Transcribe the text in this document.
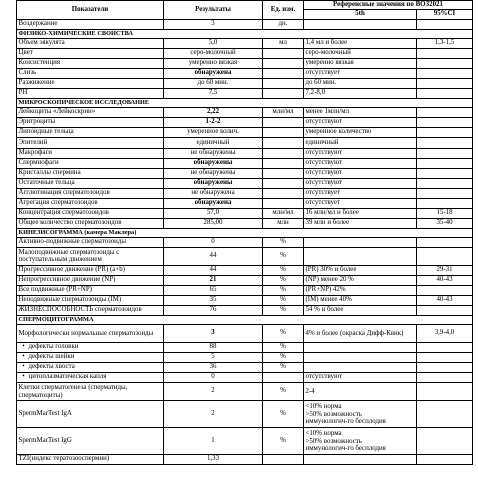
Показатели	Результаты	Ед. изм.	Референсные значения по ВОЗ2021	
			5th	95%CI
Воздержание	3	дн.		
ФИЗИКО-ХИМИЧЕСКИЕ СВОЙСТВА				
Объем эякулята	5,0	мл	1,4 мл и более	1,3-1,5
Цвет	серо-молочный		серо-молочный	
Консистенция	умеренно вязкая		умеренно вязкая	
Слизь	обнаружена		отсутствует	
Разжижение	до 60 мин.		до 60 мин.	
PH	7,5		7,2-8,0	
МИКРОСКОПИЧЕСКОЕ ИССЛЕДОВАНИЕ				
Лейкоциты «Лейкоскрин»	2,22	млн/мл	менее 1млн/мл	
Эритроциты	1-2-2		отсутствуют	
Липоидные тельца	умеренное колич.		умеренное количество	
Эпителий	единичный		единичный	
Макрофаги	не обнаружены		отсутствуют	
Спермиофаги	обнаружены		отсутствуют	
Кристаллы спермина	не обнаружены		отсутствуют	
Остаточные тельца	обнаружены		отсутствуют	
Агглютинация сперматозоидов	не обнаружена		отсутствует	
Агрегация сперматозоидов	обнаружена		отсутствует	
Концентрация сперматозоидов	57,0	млн/мл	16 млн/мл и более	15-18
Общее количество сперматозоидов	285,00	млн	39 млн и более	35-40
КИНЕЗИСОГРАММА (камера Маклера)				
Активно-подвижные сперматозоиды	0	%		
Малоподвижные сперматозоиды с поступательным движением	44	%		
Прогрессивное движение (PR) (a+b)	44	%	(PR) 30% и более	29-31
Непрогрессивное движение (NP)	21	%	(NP) менее 20 %	40-43
Все подвижные (PR+NP)	65	%	(PR+NP) 42%	
Неподвижные сперматозоиды (IM)	35	%	(IM) менее 40%	40-43
ЖИЗНЕСПОСОБНОСТЬ сперматозоидов	76	%	54 % и более	
СПЕРМОЦИТОГРАММА				
Морфологически нормальные сперматозоиды	3	%	4% и более (окраска Дифф-Квик)	3,9-4,0
• дефекты головки	88	%		
• дефекты шейки	5	%		
• дефекты хвоста	36	%		
• цитоплазматическая капля	0		отсутствуют	
Клетки сперматогенеза (сперматиды, сперматоциты)	2	%	2-4	
SpermMarTest IgA	2	%	<10% норма
>50% возможность
иммунологич-го бесплодия	
SpermMarTest IgG	1	%	<10% норма
>50% возможность
иммунологич-го бесплодия	
TZI(индекс тератозооспермии)	1,33			
